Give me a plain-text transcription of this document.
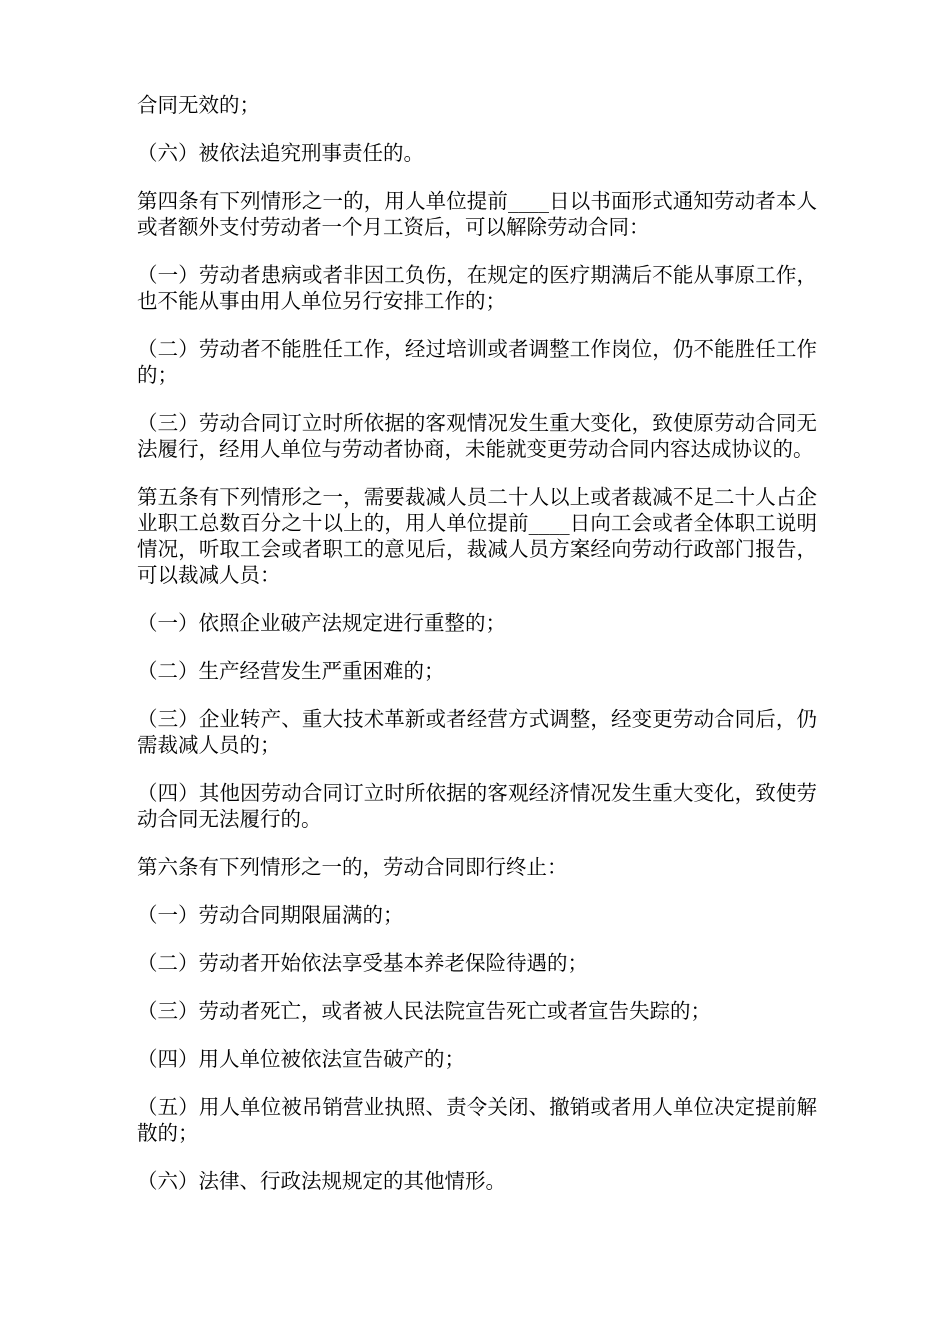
合同无效的；

（六）被依法追究刑事责任的。

第四条有下列情形之一的，用人单位提前____日以书面形式通知劳动者本人或者额外支付劳动者一个月工资后，可以解除劳动合同：

（一）劳动者患病或者非因工负伤，在规定的医疗期满后不能从事原工作，也不能从事由用人单位另行安排工作的；

（二）劳动者不能胜任工作，经过培训或者调整工作岗位，仍不能胜任工作的；

（三）劳动合同订立时所依据的客观情况发生重大变化，致使原劳动合同无法履行，经用人单位与劳动者协商，未能就变更劳动合同内容达成协议的。

第五条有下列情形之一，需要裁减人员二十人以上或者裁减不足二十人占企业职工总数百分之十以上的，用人单位提前____日向工会或者全体职工说明情况，听取工会或者职工的意见后，裁减人员方案经向劳动行政部门报告，可以裁减人员：

（一）依照企业破产法规定进行重整的；

（二）生产经营发生严重困难的；

（三）企业转产、重大技术革新或者经营方式调整，经变更劳动合同后，仍需裁减人员的；

（四）其他因劳动合同订立时所依据的客观经济情况发生重大变化，致使劳动合同无法履行的。

第六条有下列情形之一的，劳动合同即行终止：

（一）劳动合同期限届满的；

（二）劳动者开始依法享受基本养老保险待遇的；

（三）劳动者死亡，或者被人民法院宣告死亡或者宣告失踪的；

（四）用人单位被依法宣告破产的；

（五）用人单位被吊销营业执照、责令关闭、撤销或者用人单位决定提前解散的；

（六）法律、行政法规规定的其他情形。
